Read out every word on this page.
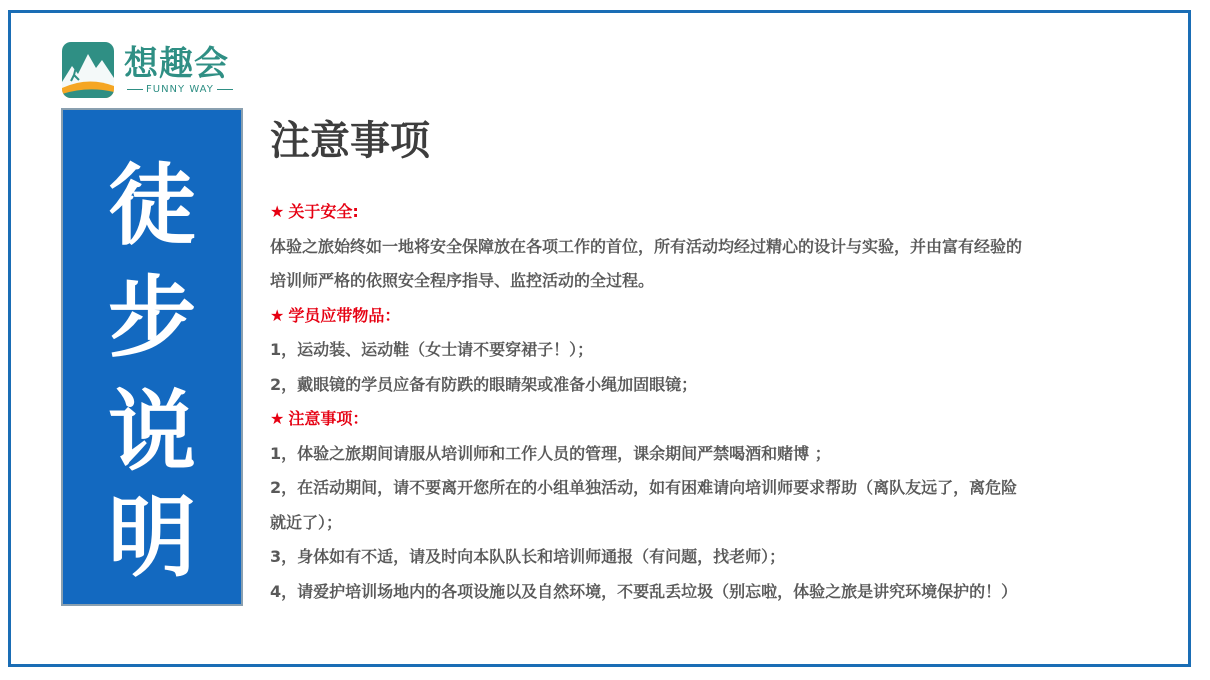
想趣会
FUNNY WAY
徒
步
说
明
注意事项
★ 关于安全:
体验之旅始终如一地将安全保障放在各项工作的首位，所有活动均经过精心的设计与实验，并由富有经验的
培训师严格的依照安全程序指导、监控活动的全过程。
★ 学员应带物品：
1，运动装、运动鞋（女士请不要穿裙子！）；
2，戴眼镜的学员应备有防跌的眼睛架或准备小绳加固眼镜；
★ 注意事项：
1，体验之旅期间请服从培训师和工作人员的管理，课余期间严禁喝酒和赌博 ；
2，在活动期间，请不要离开您所在的小组单独活动，如有困难请向培训师要求帮助（离队友远了，离危险
就近了）；
3，身体如有不适，请及时向本队队长和培训师通报（有问题，找老师）；
4，请爱护培训场地内的各项设施以及自然环境，不要乱丢垃圾（别忘啦，体验之旅是讲究环境保护的！）
